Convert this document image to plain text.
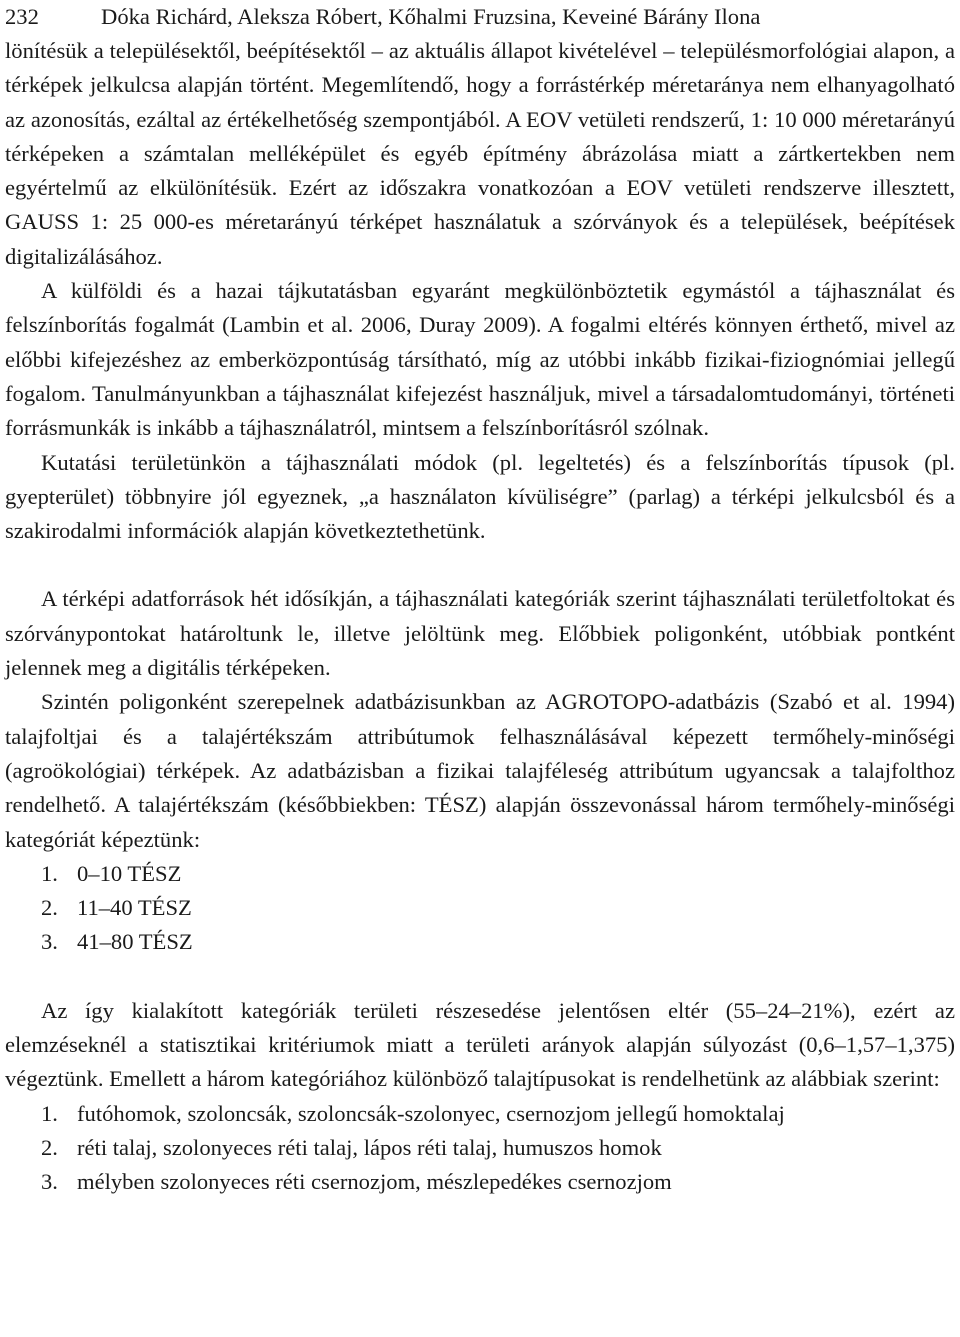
232	Dóka Richárd, Aleksza Róbert, Kőhalmi Fruzsina, Keveiné Bárány Ilona

lönítésük a településektől, beépítésektől – az aktuális állapot kivételével – településmorfológiai alapon, a térképek jelkulcsa alapján történt. Megemlítendő, hogy a forrástérkép méretaránya nem elhanyagolható az azonosítás, ezáltal az értékelhetőség szempontjából. A EOV vetületi rendszerű, 1: 10 000 méretarányú térképeken a számtalan melléképület és egyéb építmény ábrázolása miatt a zártkertekben nem egyértelmű az elkülönítésük. Ezért az időszakra vonatkozóan a EOV vetületi rendszerve illesztett, GAUSS 1: 25 000-es méretarányú térképet használatuk a szórványok és a települések, beépítések digitalizálásához.

A külföldi és a hazai tájkutatásban egyaránt megkülönböztetik egymástól a tájhasználat és felszínborítás fogalmát (Lambin et al. 2006, Duray 2009). A fogalmi eltérés könnyen érthető, mivel az előbbi kifejezéshez az emberközpontúság társítható, míg az utóbbi inkább fizikai-fiziognómiai jellegű fogalom. Tanulmányunkban a tájhasználat kifejezést használjuk, mivel a társadalomtudományi, történeti forrásmunkák is inkább a tájhasználatról, mintsem a felszínborításról szólnak.

Kutatási területünkön a tájhasználati módok (pl. legeltetés) és a felszínborítás típusok (pl. gyepterület) többnyire jól egyeznek, „a használaton kívüliségre” (parlag) a térképi jelkulcsból és a szakirodalmi információk alapján következtethetünk.

A térképi adatforrások hét idősíkján, a tájhasználati kategóriák szerint tájhasználati területfoltokat és szórványpontokat határoltunk le, illetve jelöltünk meg. Előbbiek poligonként, utóbbiak pontként jelennek meg a digitális térképeken.

Szintén poligonként szerepelnek adatbázisunkban az AGROTOPO-adatbázis (Szabó et al. 1994) talajfoltjai és a talajértékszám attribútumok felhasználásával képezett termőhely-minőségi (agroökológiai) térképek. Az adatbázisban a fizikai talajféleség attribútum ugyancsak a talajfolthoz rendelhető. A talajértékszám (későbbiekben: TÉSZ) alapján összevonással három termőhely-minőségi kategóriát képeztünk:

1. 0–10 TÉSZ
2. 11–40 TÉSZ
3. 41–80 TÉSZ

Az így kialakított kategóriák területi részesedése jelentősen eltér (55–24–21%), ezért az elemzéseknél a statisztikai kritériumok miatt a területi arányok alapján súlyozást (0,6–1,57–1,375) végeztünk. Emellett a három kategóriához különböző talajtípusokat is rendelhetünk az alábbiak szerint:

1. futóhomok, szoloncsák, szoloncsák-szolonyec, csernozjom jellegű homoktalaj
2. réti talaj, szolonyeces réti talaj, lápos réti talaj, humuszos homok
3. mélyben szolonyeces réti csernozjom, mészlepedékes csernozjom
